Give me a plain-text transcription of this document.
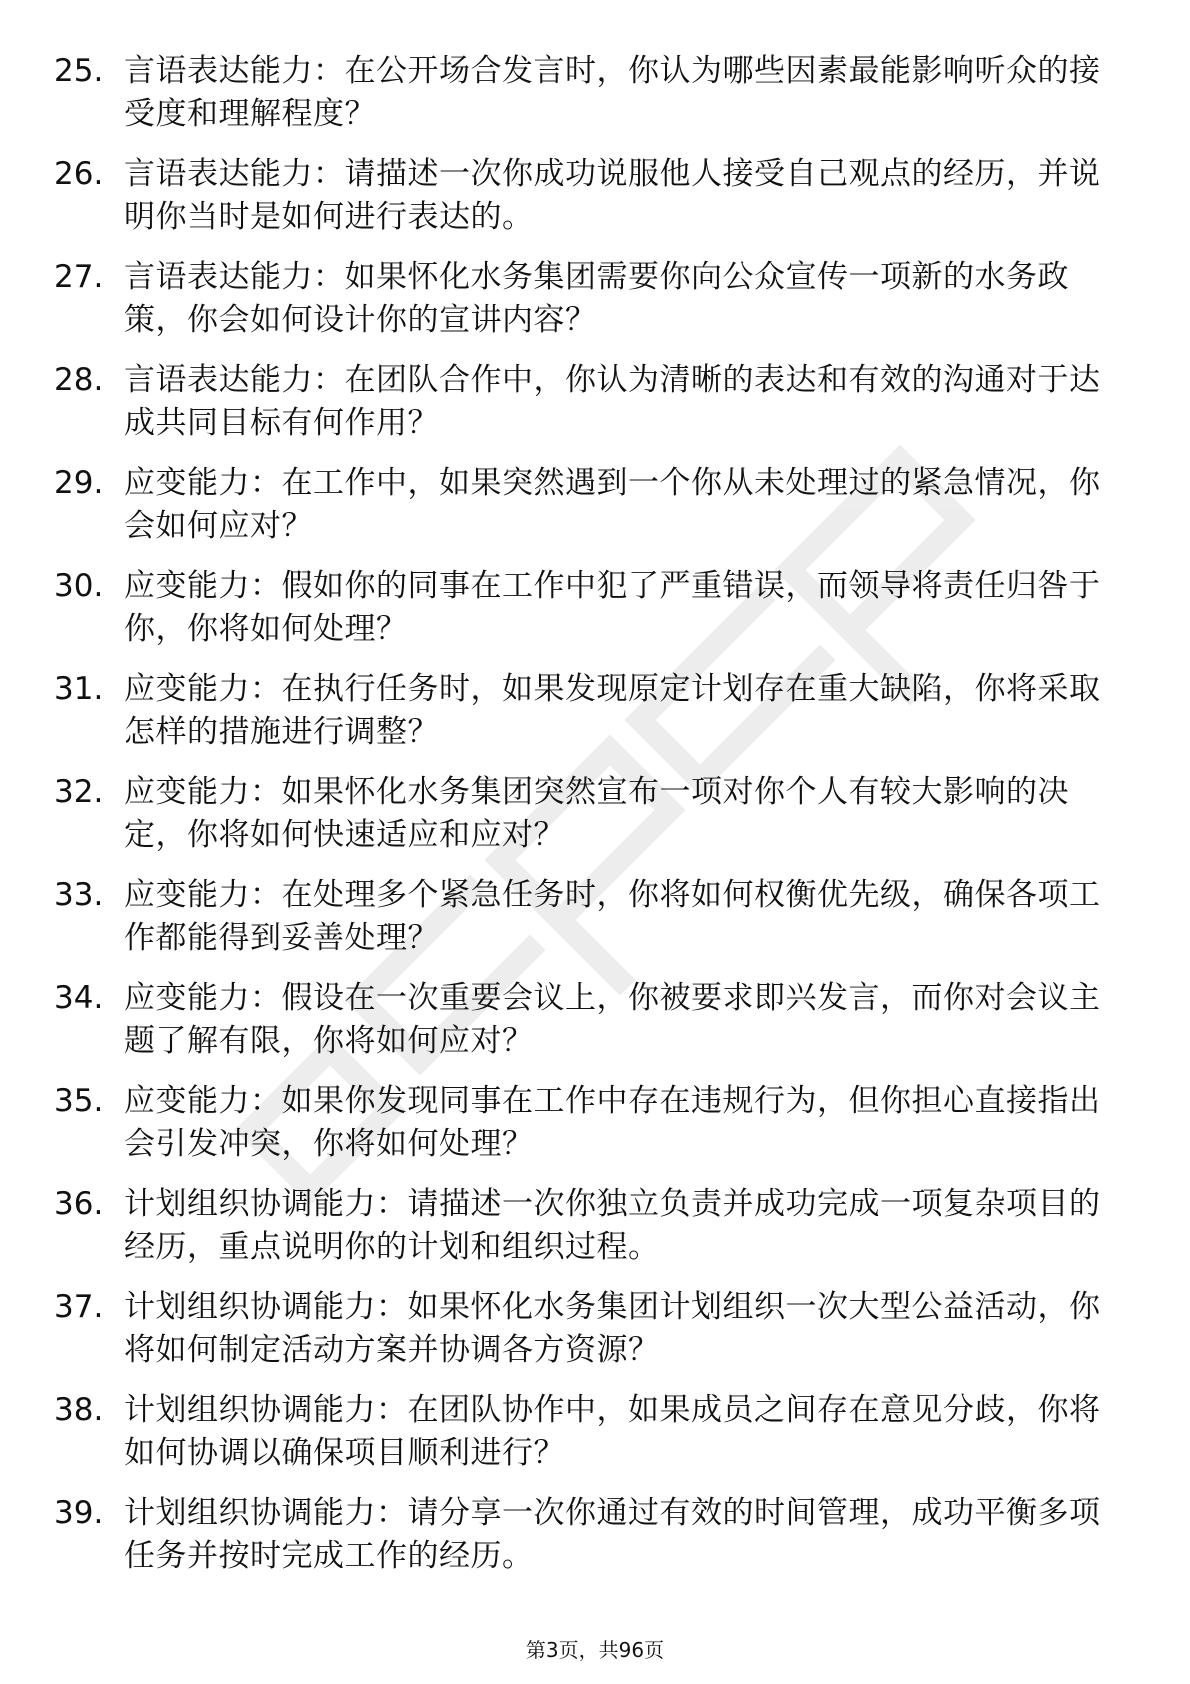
25. 言语表达能力：在公开场合发言时，你认为哪些因素最能影响听众的接受度和理解程度？
26. 言语表达能力：请描述一次你成功说服他人接受自己观点的经历，并说明你当时是如何进行表达的。
27. 言语表达能力：如果怀化水务集团需要你向公众宣传一项新的水务政策，你会如何设计你的宣讲内容？
28. 言语表达能力：在团队合作中，你认为清晰的表达和有效的沟通对于达成共同目标有何作用？
29. 应变能力：在工作中，如果突然遇到一个你从未处理过的紧急情况，你会如何应对？
30. 应变能力：假如你的同事在工作中犯了严重错误，而领导将责任归咎于你，你将如何处理？
31. 应变能力：在执行任务时，如果发现原定计划存在重大缺陷，你将采取怎样的措施进行调整？
32. 应变能力：如果怀化水务集团突然宣布一项对你个人有较大影响的决定，你将如何快速适应和应对？
33. 应变能力：在处理多个紧急任务时，你将如何权衡优先级，确保各项工作都能得到妥善处理？
34. 应变能力：假设在一次重要会议上，你被要求即兴发言，而你对会议主题了解有限，你将如何应对？
35. 应变能力：如果你发现同事在工作中存在违规行为，但你担心直接指出会引发冲突，你将如何处理？
36. 计划组织协调能力：请描述一次你独立负责并成功完成一项复杂项目的经历，重点说明你的计划和组织过程。
37. 计划组织协调能力：如果怀化水务集团计划组织一次大型公益活动，你将如何制定活动方案并协调各方资源？
38. 计划组织协调能力：在团队协作中，如果成员之间存在意见分歧，你将如何协调以确保项目顺利进行？
39. 计划组织协调能力：请分享一次你通过有效的时间管理，成功平衡多项任务并按时完成工作的经历。
第3页，共96页
